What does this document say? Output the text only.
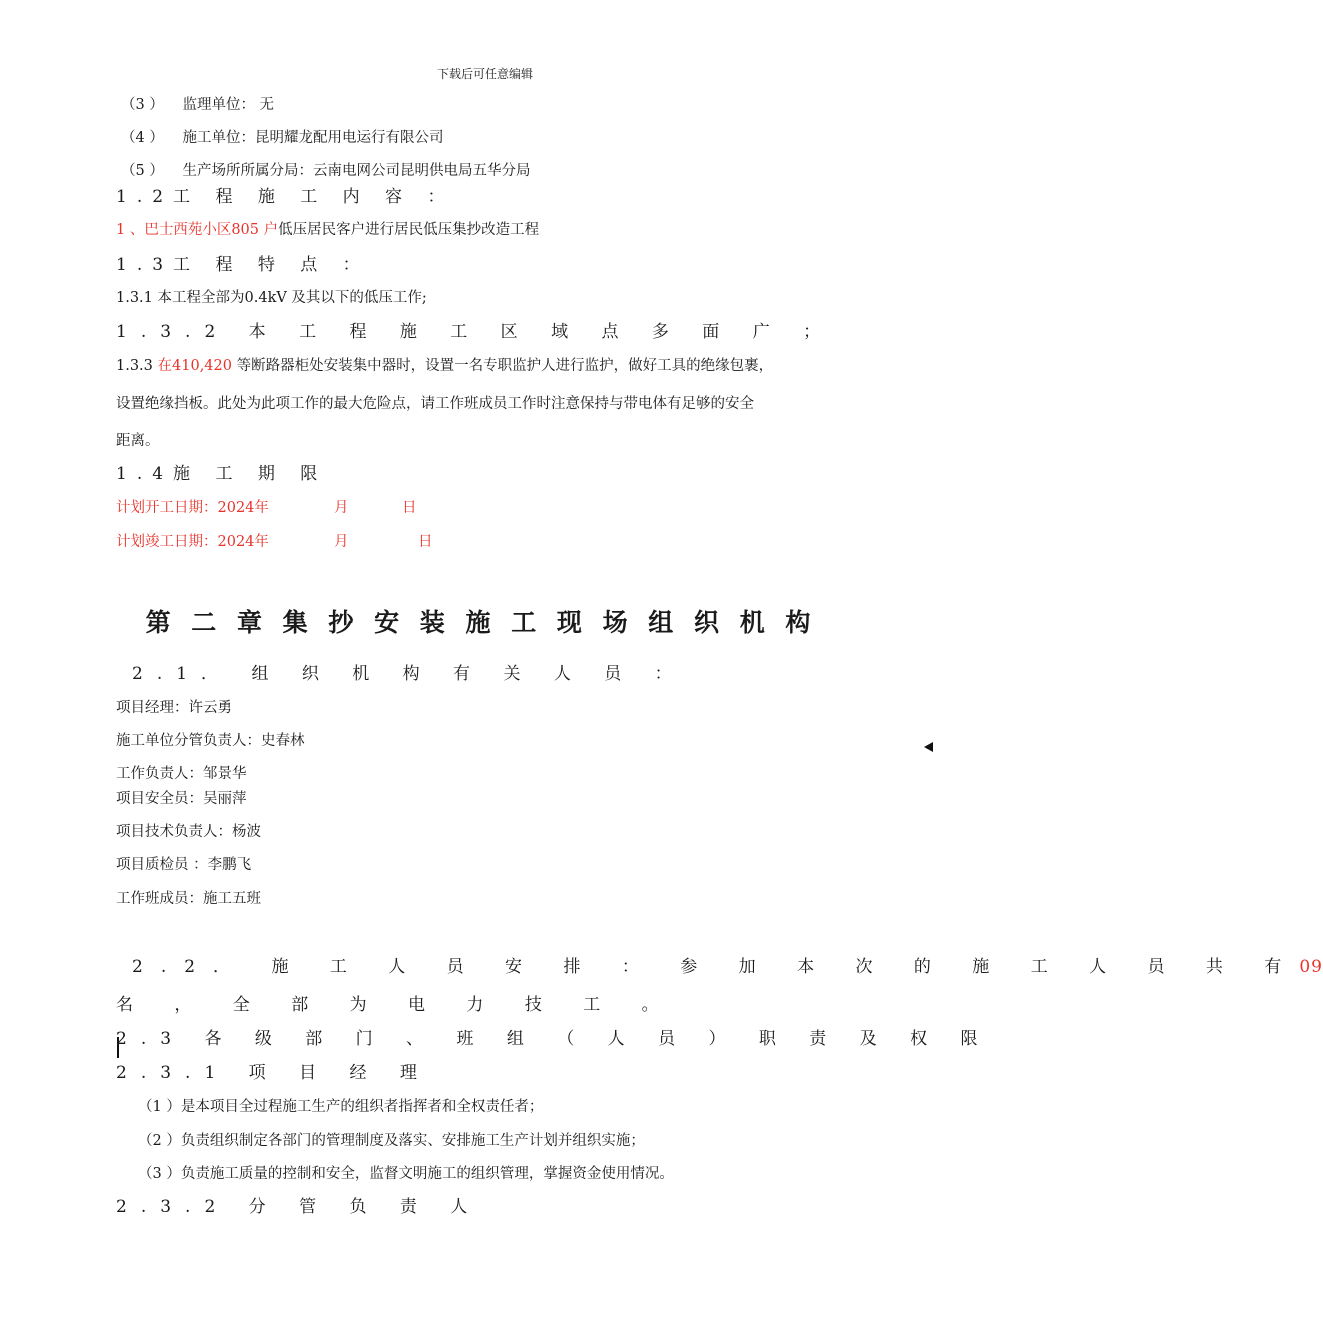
下载后可任意编辑
（3 ） 监理单位： 无
（4 ） 施工单位：昆明耀龙配用电运行有限公司
（5 ） 生产场所所属分局：云南电网公司昆明供电局五华分局
1.2工 程 施 工 内 容 ：
1 、巴士西苑小区805 户低压居民客户进行居民低压集抄改造工程
1.3工 程 特 点 ：
1.3.1 本工程全部为0.4kV 及其以下的低压工作;
1.3.2 本 工 程 施 工 区 域 点 多 面 广 ；
1.3.3 在410,420 等断路器柜处安装集中器时，设置一名专职监护人进行监护，做好工具的绝缘包裹，
设置绝缘挡板。此处为此项工作的最大危险点，请工作班成员工作时注意保持与带电体有足够的安全
距离。
1.4施 工 期 限
计划开工日期：2024年	月	日
计划竣工日期：2024年	月	日
第 二 章 集 抄 安 装 施 工 现 场 组 织 机 构
2.1． 组 织 机 构 有 关 人 员 ：
项目经理：许云勇
施工单位分管负责人：史春林
工作负责人：邹景华
项目安全员：吴丽萍
项目技术负责人：杨波
项目质检员 ：李鹏飞
工作班成员：施工五班
2.2． 施 工 人 员 安 排 ： 参 加 本 次 的 施 工 人 员 共 有09
名 ， 全 部 为 电 力 技 工 。
2.3 各 级 部 门 、 班 组 （ 人 员 ） 职 责 及 权 限
2.3.1 项 目 经 理
（1 ）是本项目全过程施工生产的组织者指挥者和全权责任者；
（2 ）负责组织制定各部门的管理制度及落实、安排施工生产计划并组织实施；
（3 ）负责施工质量的控制和安全，监督文明施工的组织管理，掌握资金使用情况。
2.3.2 分 管 负 责 人
